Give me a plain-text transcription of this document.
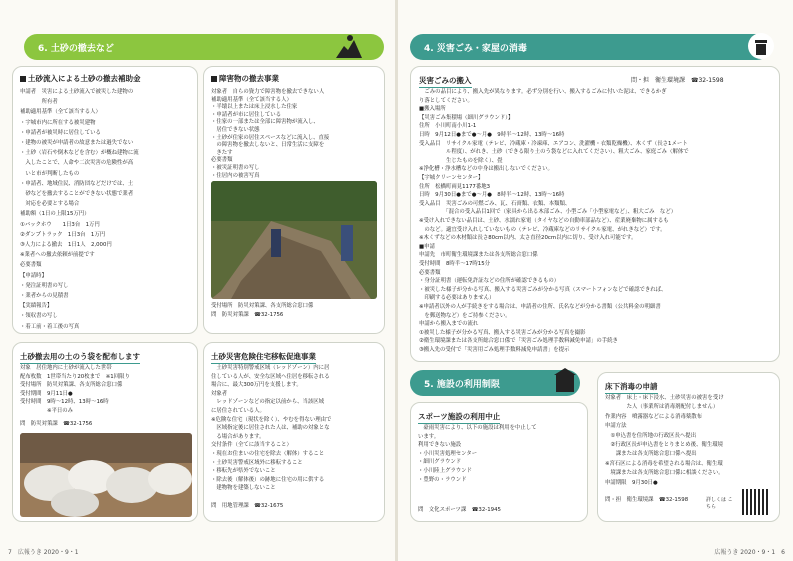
6. 土砂の撤去など
土砂流入による土砂の撤去補助金
申請者　災害による土砂流入で被災した建物の
　　　　所有者
補助適用基準（全て該当する人）
・宇城市内に所在する被災建物
・申請者が被災時に居住している
・建物の被災が申請者の故意または過失でない
・土砂（岩石や倒木などを含む）が概ね建物に流
　入したことで、人命や二次災害の危険性が高
　いと市が判断したもの
・申請者、地域住民、消防団などだけでは、土
　砂などを撤去することができない状態で業者
　対応を必要とする場合
補助額（1日の上限15万円）
①バックホウ　　1日3台　1万円
②ダンプトラック　1日3台　1万円
③人力による撤去　1日1人　2,000円
※業者への撤去依頼が前提です
必要書類
【申請時】
・発注証明書の写し
・業者からの見積書
【実績報告】
・領収書の写し
・着工前・着工後の写真
障害物の撤去事業
対象者　自らの資力で障害物を撤去できない人
補助適用基準（全て該当する人）
・半壊以上または床上浸水した住家
・申請者が市に居住している
・住家の一部または全部に障害物が流入し、
　居住できない状態
・土砂が住家の居住スペースなどに流入し、直接
　の障害物を撤去しないと、日常生活に支障を
　きたす
必要書類
・被災証明書の写し
・住居内の被害写真
受付場所　防災対策課、各支所総合窓口係
問　防災対策課　☎32-1756
土砂撤去用の土のう袋を配布します
対象　居住地内に土砂が流入した世帯
配布枚数　1世帯当たり20枚まで　※1回限り
受付場所　防災対策課、各支所総合窓口係
受付期間　9月11日●
受付時間　9時～12時、13時～16時
　　　　　※平日のみ
問　防災対策課　☎32-1756
土砂災害危険住宅移転促進事業
　土砂災害特別警戒区域（レッドゾーン）内に居
住している人が、安全な区域へ住居を移転される
場合に、最大300万円を支援します。
対象者
　レッドゾーンなどの指定以前から、当該区域
に居住されている人。
※危険な住宅（現状を除く）、やむを得ない理由で
　区域指定後に居住された人は、補助の対象とな
　る場合があります。
交付条件（全てに該当すること）
・現在お住まいの住宅を除去（解体）すること
・土砂災害警戒区域外に移転すること
・移転先が県外でないこと
・除去後（解体後）の跡地に住宅の用に供する
　建物物を建築しないこと
問　用地管理課　☎32-1675
7　広報うき 2020・9・1
4. 災害ごみ・家屋の消毒
災害ごみの搬入	問・担　衛生環境課　☎32-1598
　ごみの品目により、搬入先が異なります。必ず分別を行い、搬入するごみに付いた泥は、できるかぎ
り落としてください。
■搬入場所
【災害ごみ集積場（細川グラウンド）】
住所　小川町南小川1-1
日時　9月12日●まで●～月●　9時半～12時、13時～16時
受入品目　リサイクル家電（テレビ、冷蔵庫・冷凍庫、エアコン、洗濯機・衣類乾燥機）、木くず（長さ1メート
　　　　　ル程度）、がれき、土砂（できる限り土のう袋などに入れてください）、粗大ごみ、家庭ごみ（解体で
　　　　　生じたものを除く）、畳
※浄化槽・浄水槽などの中身は搬出しないでください。
【宇城クリーンセンター】
住所　松橋町両見1177番地3
日時　9月30日●まで●～月●　8時半～12時、13時～16時
受入品目　災害ごみの可燃ごみ、瓦、石膏類、衣類、本類類、
　　　　　「混合の受入品目1回で（家具から出る木部ごみ、小型ごみ「小型家電など」、粗大ごみ　など）
※受け入れできない品目は、土砂、水濡れ家電（タイヤなどの自動車部品など）、産業廃棄物に属するも
　のなど。適宜受け入れしていないもの（テレビ、冷蔵庫などのリサイクル家電、がれきなど）です。
※木くずなどの木材類は長さ80cm以内、太さ直径20cm以内に切り、受け入れ可能です。
■申請
申請先　市町衛生環境課または各支所総合窓口係
受付時間　8時半～17時15分
必要書類
・身分証明書（運転免許証などの住所が確認できるもの）
・被災した様子が分かる写真、搬入する災害ごみが分かる写真（スマートフォンなどで確認できれば、
　印刷する必要はありません）
※申請者以外の人が手続きをする場合は、申請者の住所、氏名などが分かる書類（公共料金の明細書
　を郵送物など）をご持参ください。
申請から搬入までの流れ
①被災した様子が分かる写真、搬入する災害ごみが分かる写真を撮影
②衛生環境課または各支所総合窓口係で「災害ごみ処理手数料減免申請」の手続き
③搬入先の受付で「災害用ごみ処理手数料減免申請書」を提示
5. 施設の利用制限
スポーツ施設の利用中止
　豪雨災害により、以下の施設は利用を中止して
います。
利用できない施設
・小川災害処理センター
・細川グラウンド
・小川陸上グラウンド
・豊野の・ラウンド
問　文化スポーツ課　☎32-1945
床下消毒の申請
対象者　床上・床下浸水、土砂災害の被害を受け
　　　　た人（事業所は消毒剤配付しません）
作業内容　噴霧器などによる消毒薬散布
申請方法
　①申込書を住所地の行政区長へ提出
　②行政区長が申込書をとりまとめ後、衛生環境
　　課または各支所総合窓口係へ提出
※宮石区による消毒を希望される場合は、衛生環
　境課または各支所総合窓口係に相談ください。
申請期限　9月30日●
問・担　衛生環境課　☎32-1598	詳しくは こちら
広報うき 2020・9・1　6
